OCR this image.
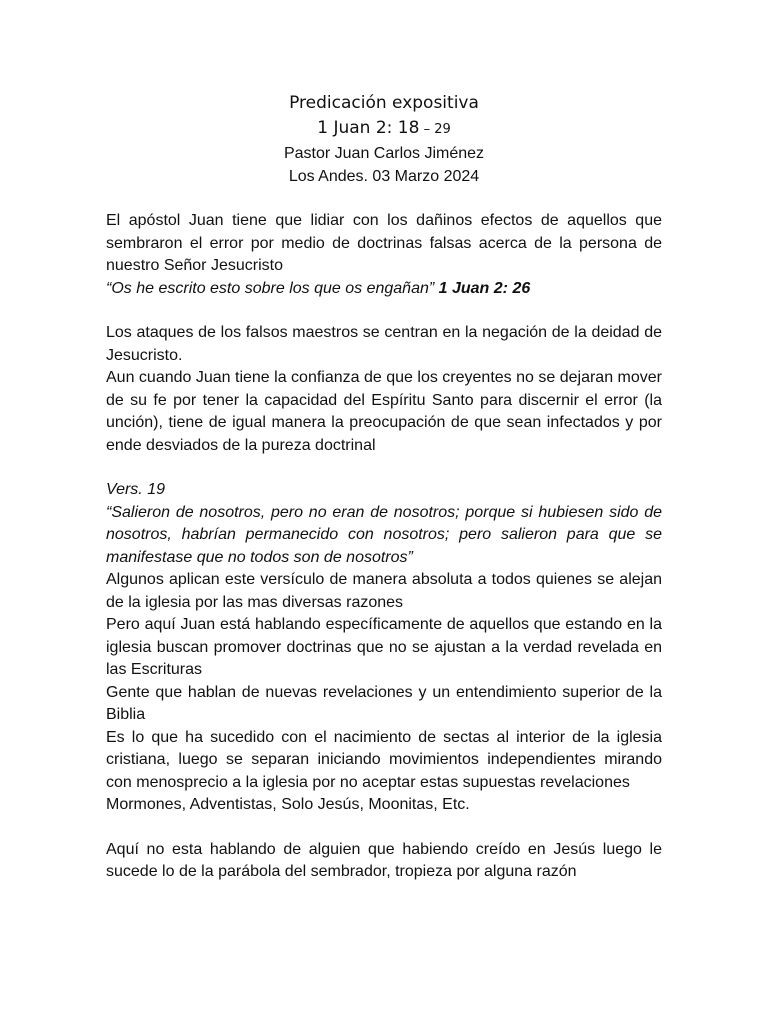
Predicación expositiva
1 Juan 2: 18 – 29
Pastor Juan Carlos Jiménez
Los Andes. 03 Marzo 2024

El apóstol Juan tiene que lidiar con los dañinos efectos de aquellos que sembraron el error por medio de doctrinas falsas acerca de la persona de nuestro Señor Jesucristo

“Os he escrito esto sobre los que os engañan” 1 Juan 2: 26

Los ataques de los falsos maestros se centran en la negación de la deidad de Jesucristo.

Aun cuando Juan tiene la confianza de que los creyentes no se dejaran mover de su fe por tener la capacidad del Espíritu Santo para discernir el error (la unción), tiene de igual manera la preocupación de que sean infectados y por ende desviados de la pureza doctrinal

Vers. 19

“Salieron de nosotros, pero no eran de nosotros; porque si hubiesen sido de nosotros, habrían permanecido con nosotros; pero salieron para que se manifestase que no todos son de nosotros”

Algunos aplican este versículo de manera absoluta a todos quienes se alejan de la iglesia por las mas diversas razones

Pero aquí Juan está hablando específicamente de aquellos que estando en la iglesia buscan promover doctrinas que no se ajustan a la verdad revelada en las Escrituras

Gente que hablan de nuevas revelaciones y un entendimiento superior de la Biblia

Es lo que ha sucedido con el nacimiento de sectas al interior de la iglesia cristiana, luego se separan iniciando movimientos independientes mirando con menosprecio a la iglesia por no aceptar estas supuestas revelaciones

Mormones, Adventistas, Solo Jesús, Moonitas, Etc.

Aquí no esta hablando de alguien que habiendo creído en Jesús luego le sucede lo de la parábola del sembrador, tropieza por alguna razón
